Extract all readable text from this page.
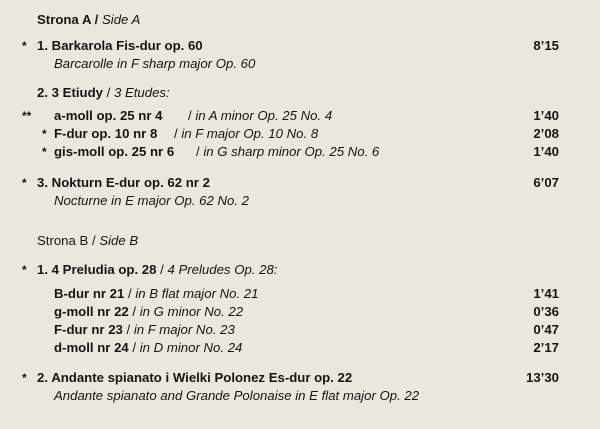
Strona A / Side A
* 1. Barkarola Fis-dur op. 60	8’15
Barcarolle in F sharp major Op. 60
2. 3 Etiudy / 3 Etudes:
** a-moll op. 25 nr 4 / in A minor Op. 25 No. 4	1’40
* F-dur op. 10 nr 8 / in F major Op. 10 No. 8	2’08
* gis-moll op. 25 nr 6 / in G sharp minor Op. 25 No. 6	1’40
* 3. Nokturn E-dur op. 62 nr 2	6’07
Nocturne in E major Op. 62 No. 2
Strona B / Side B
* 1. 4 Preludia op. 28 / 4 Preludes Op. 28:
B-dur nr 21 / in B flat major No. 21	1’41
g-moll nr 22 / in G minor No. 22	0’36
F-dur nr 23 / in F major No. 23	0’47
d-moll nr 24 / in D minor No. 24	2’17
* 2. Andante spianato i Wielki Polonez Es-dur op. 22	13’30
Andante spianato and Grande Polonaise in E flat major Op. 22
